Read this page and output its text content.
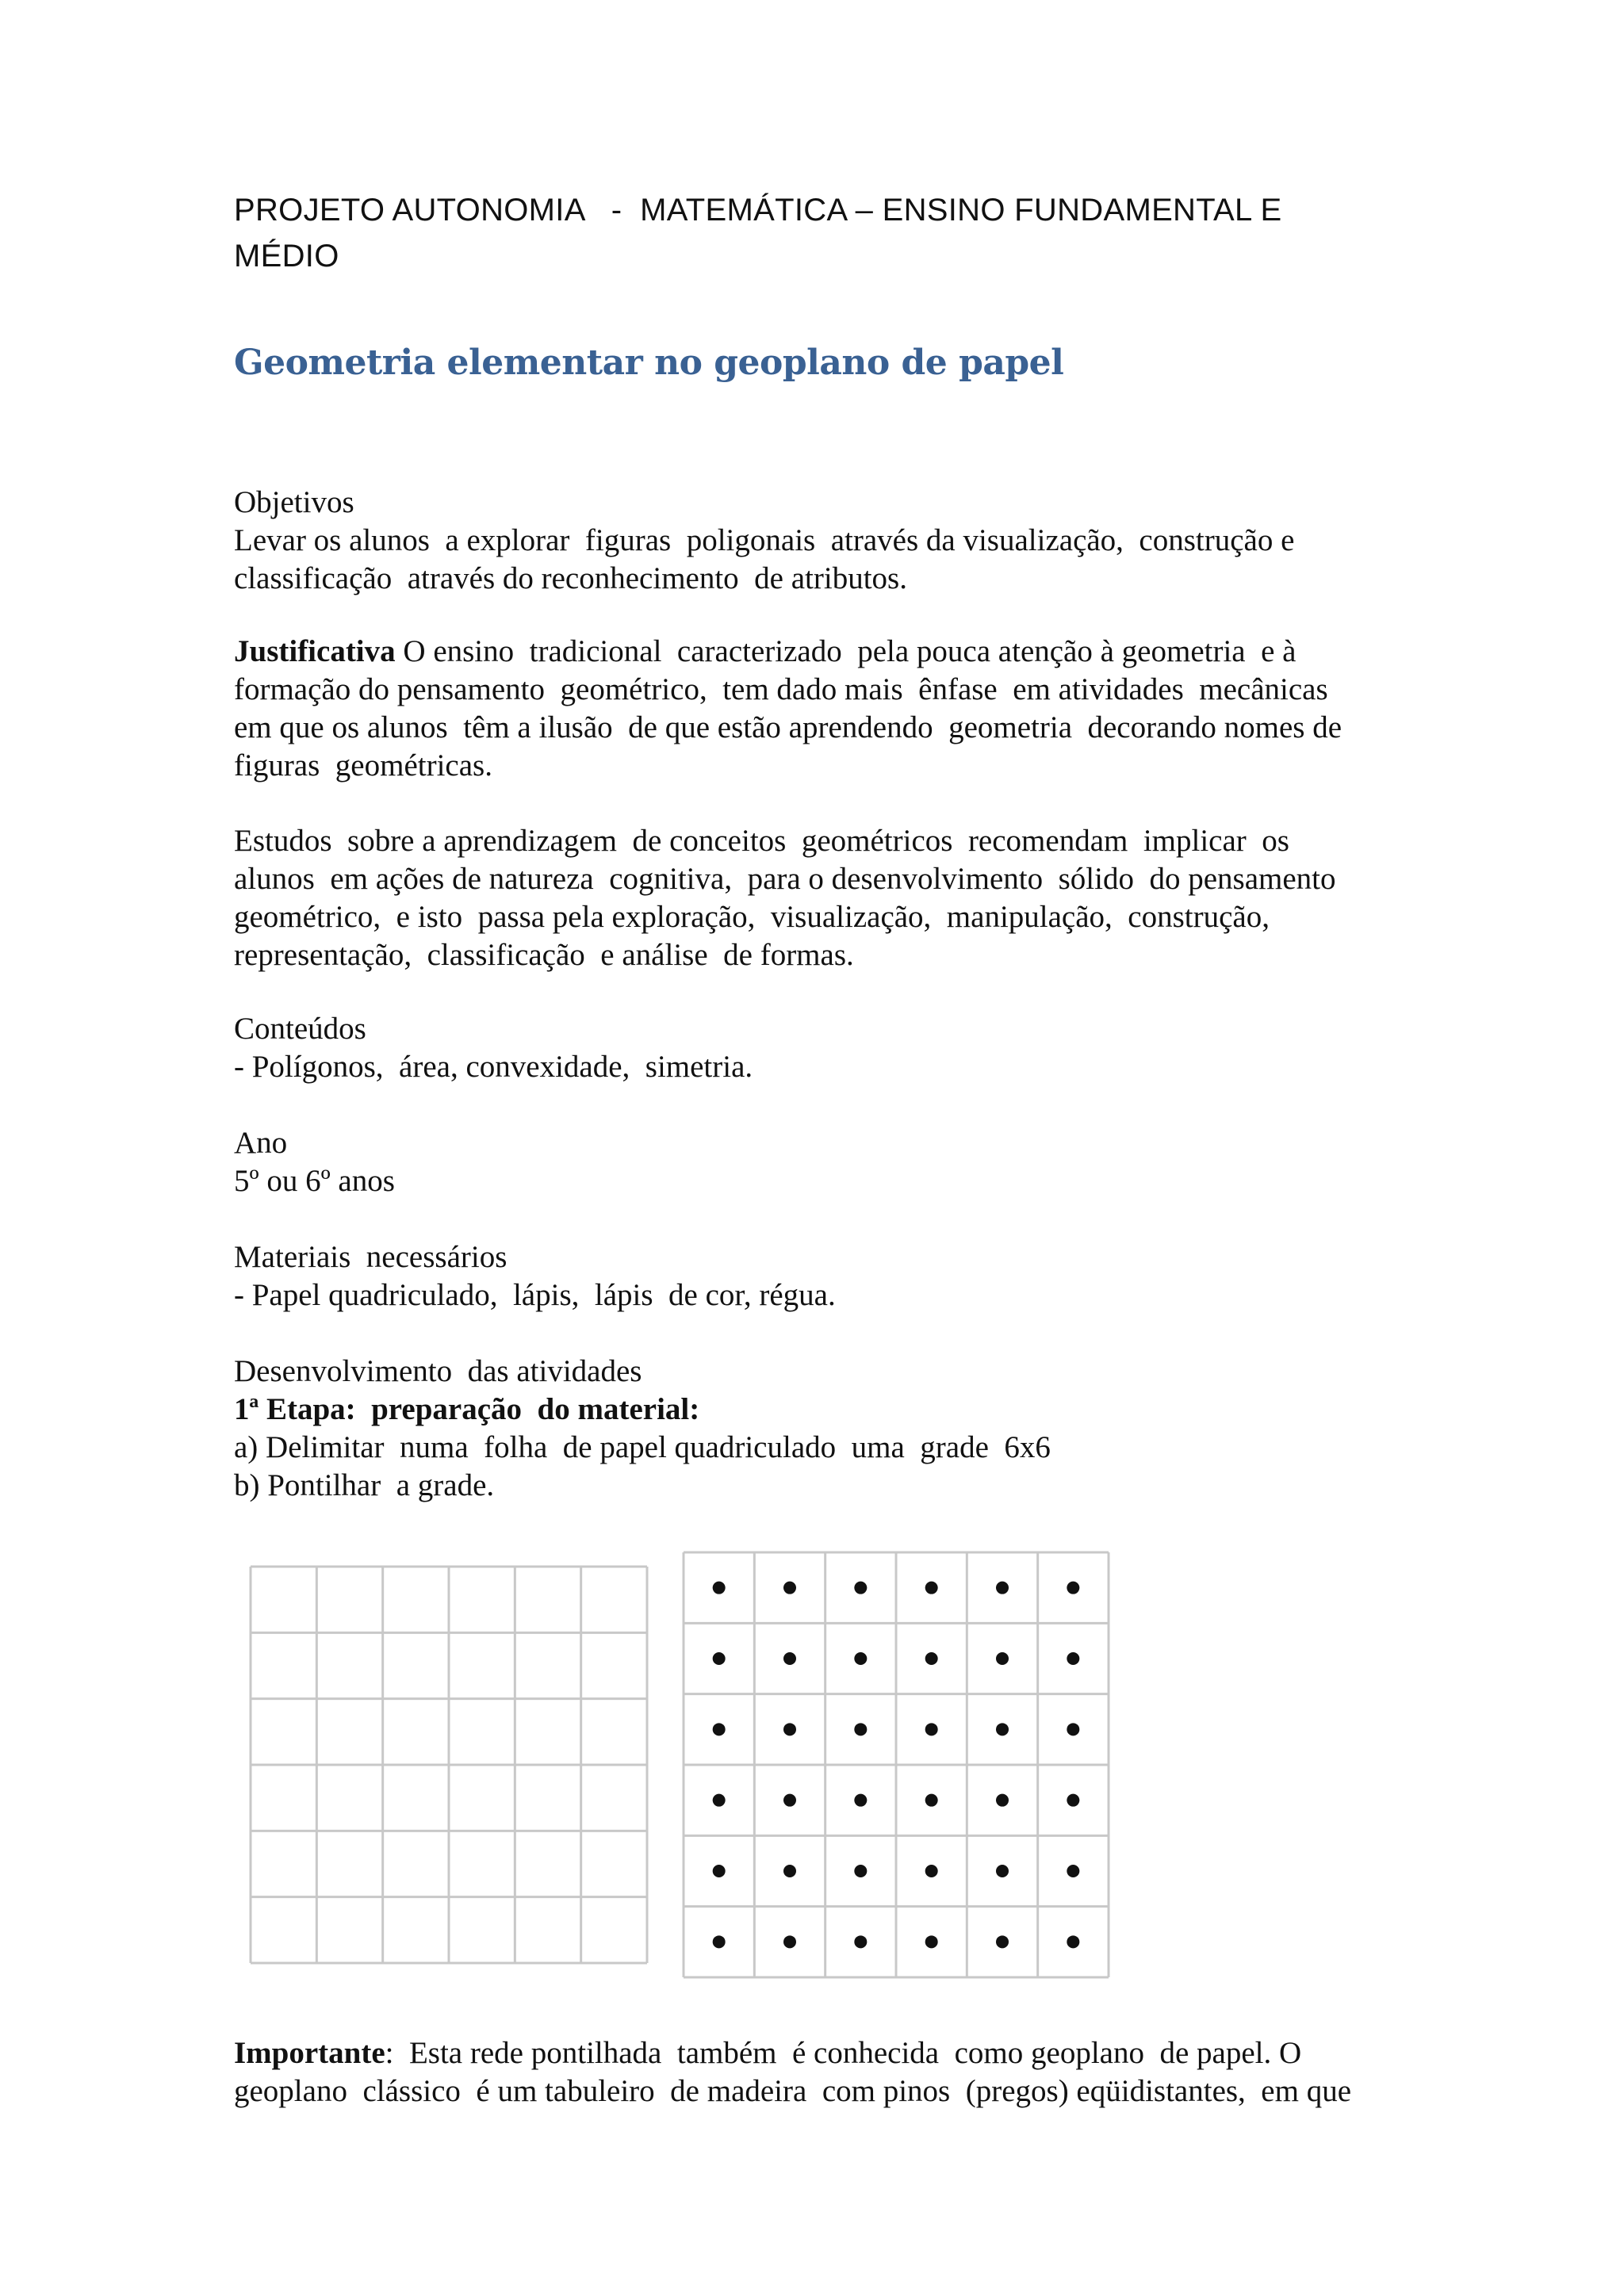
PROJETO AUTONOMIA   -  MATEMÁTICA – ENSINO FUNDAMENTAL E
MÉDIO
Geometria elementar no geoplano de papel
Objetivos
Levar os alunos  a explorar  figuras  poligonais  através da visualização,  construção e
classificação  através do reconhecimento  de atributos.
Justificativa O ensino  tradicional  caracterizado  pela pouca atenção à geometria  e à
formação do pensamento  geométrico,  tem dado mais  ênfase  em atividades  mecânicas
em que os alunos  têm a ilusão  de que estão aprendendo  geometria  decorando nomes de
figuras  geométricas.
Estudos  sobre a aprendizagem  de conceitos  geométricos  recomendam  implicar  os
alunos  em ações de natureza  cognitiva,  para o desenvolvimento  sólido  do pensamento
geométrico,  e isto  passa pela exploração,  visualização,  manipulação,  construção,
representação,  classificação  e análise  de formas.
Conteúdos
- Polígonos,  área, convexidade,  simetria.
Ano
5º ou 6º anos
Materiais  necessários
- Papel quadriculado,  lápis,  lápis  de cor, régua.
Desenvolvimento  das atividades
1ª Etapa:  preparação  do material:
a) Delimitar  numa  folha  de papel quadriculado  uma  grade  6x6
b) Pontilhar  a grade.
Importante:  Esta rede pontilhada  também  é conhecida  como geoplano  de papel. O
geoplano  clássico  é um tabuleiro  de madeira  com pinos  (pregos) eqüidistantes,  em que
